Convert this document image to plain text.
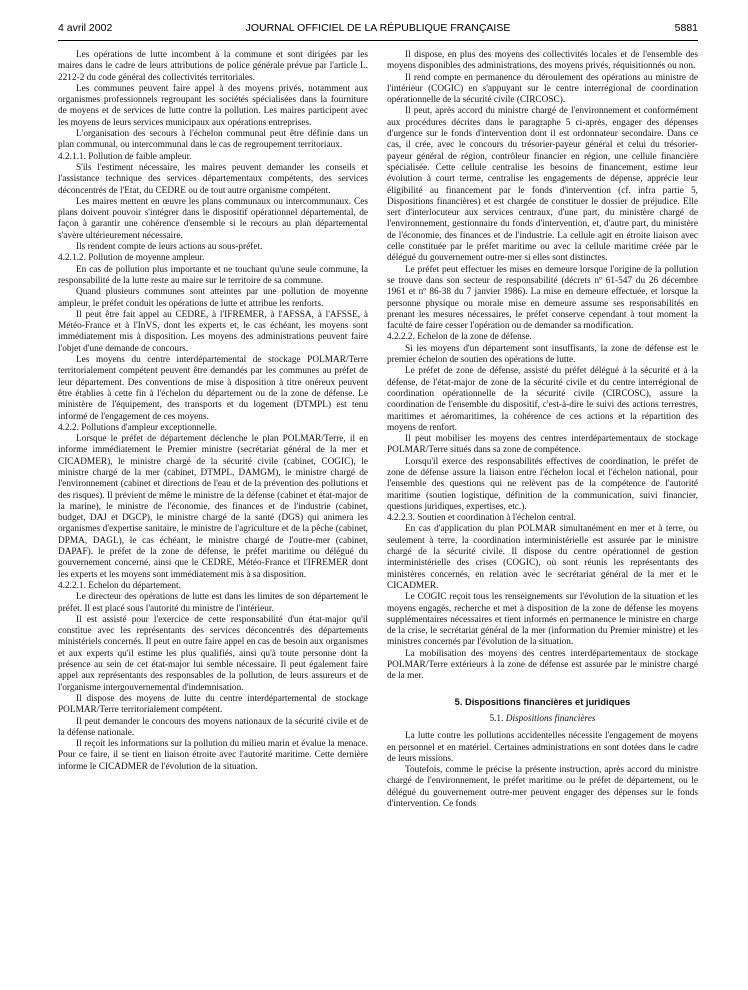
4 avril 2002	JOURNAL OFFICIEL DE LA RÉPUBLIQUE FRANÇAISE	5881

Les opérations de lutte incombent à la commune et sont dirigées par les maires dans le cadre de leurs attributions de police générale prévue par l'article L. 2212-2 du code général des collectivités territoriales.

Les communes peuvent faire appel à des moyens privés, notamment aux organismes professionnels regroupant les sociétés spécialisées dans la fourniture de moyens et de services de lutte contre la pollution. Les maires participent avec les moyens de leurs services municipaux aux opérations entreprises.

L'organisation des secours à l'échelon communal peut être définie dans un plan communal, ou intercommunal dans le cas de regroupement territoriaux.

4.2.1.1. Pollution de faible ampleur.

S'ils l'estiment nécessaire, les maires peuvent demander les conseils et l'assistance technique des services départementaux compétents, des services déconcentrés de l'Etat, du CEDRE ou de tout autre organisme compétent.

Les maires mettent en œuvre les plans communaux ou intercommunaux. Ces plans doivent pouvoir s'intégrer dans le dispositif opérationnel départemental, de façon à garantir une cohérence d'ensemble si le recours au plan départemental s'avère ultérieurement nécessaire.

Ils rendent compte de leurs actions au sous-préfet.

4.2.1.2. Pollution de moyenne ampleur.

En cas de pollution plus importante et ne touchant qu'une seule commune, la responsabilité de la lutte reste au maire sur le territoire de sa commune.

Quand plusieurs communes sont atteintes par une pollution de moyenne ampleur, le préfet conduit les opérations de lutte et attribue les renforts.

Il peut être fait appel au CEDRE, à l'IFREMER, à l'AFSSA, à l'AFSSE, à Météo-France et à l'InVS, dont les experts et, le cas échéant, les moyens sont immédiatement mis à disposition. Les moyens des administrations peuvent faire l'objet d'une demande de concours.

Les moyens du centre interdépartemental de stockage POLMAR/Terre territorialement compétent peuvent être demandés par les communes au préfet de leur département. Des conventions de mise à disposition à titre onéreux peuvent être établies à cette fin à l'échelon du département ou de la zone de défense. Le ministère de l'équipement, des transports et du logement (DTMPL) est tenu informé de l'engagement de ces moyens.

4.2.2. Pollutions d'ampleur exceptionnelle.

Lorsque le préfet de département déclenche le plan POLMAR/Terre, il en informe immédiatement le Premier ministre (secrétariat général de la mer et CICADMER), le ministre chargé de la sécurité civile (cabinet, COGIC), le ministre chargé de la mer (cabinet, DTMPL, DAMGM), le ministre chargé de l'environnement (cabinet et directions de l'eau et de la prévention des pollutions et des risques). Il prévient de même le ministre de la défense (cabinet et état-major de la marine), le ministre de l'économie, des finances et de l'industrie (cabinet, budget, DAJ et DGCP), le ministre chargé de la santé (DGS) qui animera les organismes d'expertise sanitaire, le ministre de l'agriculture et de la pêche (cabinet, DPMA, DAGL), le cas échéant, le ministre chargé de l'outre-mer (cabinet, DAPAF). le préfet de la zone de défense, le préfet maritime ou délégué du gouvernement concerné, ainsi que le CEDRE, Météo-France et l'IFREMER dont les experts et les moyens sont immédiatement mis à sa disposition.

4.2.2.1. Echelon du département.

Le directeur des opérations de lutte est dans les limites de son département le préfet. Il est placé sous l'autorité du ministre de l'intérieur.

Il est assisté pour l'exercice de cette responsabilité d'un état-major qu'il constitue avec les représentants des services déconcentrés des départements ministériels concernés. Il peut en outre faire appel en cas de besoin aux organismes et aux experts qu'il estime les plus qualifiés, ainsi qu'à toute personne dont la présence au sein de cet état-major lui semble nécessaire. Il peut également faire appel aux représentants des responsables de la pollution, de leurs assureurs et de l'organisme intergouvernemental d'indemnisation.

Il dispose des moyens de lutte du centre interdépartemental de stockage POLMAR/Terre territorialement compétent.

Il peut demander le concours des moyens nationaux de la sécurité civile et de la défense nationale.

Il reçoit les informations sur la pollution du milieu marin et évalue la menace. Pour ce faire, il se tient en liaison étroite avec l'autorité maritime. Cette dernière informe le CICADMER de l'évolution de la situation.

Il dispose, en plus des moyens des collectivités locales et de l'ensemble des moyens disponibles des administrations, des moyens privés, réquisitionnés ou non.

Il rend compte en permanence du déroulement des opérations au ministre de l'intérieur (COGIC) en s'appuyant sur le centre interrégional de coordination opérationnelle de la sécurité civile (CIRCOSC).

Il peut, après accord du ministre chargé de l'environnement et conformément aux procédures décrites dans le paragraphe 5 ci-après, engager des dépenses d'urgence sur le fonds d'intervention dont il est ordonnateur secondaire. Dans ce cas, il crée, avec le concours du trésorier-payeur général et celui du trésorier-payeur général de région, contrôleur financier en région, une cellule financière spécialisée. Cette cellule centralise les besoins de financement, estime leur évolution à court terme, centralise les engagements de dépense, apprécie leur éligibilité au financement par le fonds d'intervention (cf. infra partie 5, Dispositions financières) et est chargée de constituer le dossier de préjudice. Elle sert d'interlocuteur aux services centraux, d'une part, du ministère chargé de l'environnement, gestionnaire du fonds d'intervention, et, d'autre part, du ministère de l'économie, des finances et de l'industrie. La cellule agit en étroite liaison avec celle constituée par le préfet maritime ou avec la cellule maritime créée par le délégué du gouvernement outre-mer si elles sont distinctes.

Le préfet peut effectuer les mises en demeure lorsque l'origine de la pollution se trouve dans son secteur de responsabilité (décrets nº 61-547 du 26 décembre 1961 et nº 86-38 du 7 janvier 1986). La mise en demeure effectuée, et lorsque la personne physique ou morale mise en demeure assume ses responsabilités en prenant les mesures nécessaires, le préfet conserve cependant à tout moment la faculté de faire cesser l'opération ou de demander sa modification.

4.2.2.2. Echelon de la zone de défense.

Si les moyens d'un département sont insuffisants, la zone de défense est le premier échelon de soutien des opérations de lutte.

Le préfet de zone de défense, assisté du préfet délégué à la sécurité et à la défense, de l'état-major de zone de la sécurité civile et du centre interrégional de coordination opérationnelle de la sécurité civile (CIRCOSC), assure la coordination de l'ensemble du dispositif, c'est-à-dire le suivi des actions terrestres, maritimes et aéromaritimes, la cohérence de ces actions et la répartition des moyens de renfort.

Il peut mobiliser les moyens des centres interdépartementaux de stockage POLMAR/Terre situés dans sa zone de compétence.

Lorsqu'il exerce des responsabilités effectives de coordination, le préfet de zone de défense assure la liaison entre l'échelon local et l'échelon national, pour l'ensemble des questions qui ne relèvent pas de la compétence de l'autorité maritime (soutien logistique, définition de la communication, suivi financier, questions juridiques, expertises, etc.).

4.2.2.3. Soutien et coordination à l'échelon central.

En cas d'application du plan POLMAR simultanément en mer et à terre, ou seulement à terre, la coordination interministérielle est assurée par le ministre chargé de la sécurité civile. Il dispose du centre opérationnel de gestion interministérielle des crises (COGIC), où sont réunis les représentants des ministères concernés, en relation avec le secrétariat général de la mer et le CICADMER.

Le COGIC reçoit tous les renseignements sur l'évolution de la situation et les moyens engagés, recherche et met à disposition de la zone de défense les moyens supplémentaires nécessaires et tient informés en permanence le ministre en charge de la crise, le secrétariat général de la mer (information du Premier ministre) et les ministres concernés par l'évolution de la situation.

La mobilisation des moyens des centres interdépartementaux de stockage POLMAR/Terre extérieurs à la zone de défense est assurée par le ministre chargé de la mer.

5. Dispositions financières et juridiques
5.1. Dispositions financières

La lutte contre les pollutions accidentelles nécessite l'engagement de moyens en personnel et en matériel. Certaines administrations en sont dotées dans le cadre de leurs missions.

Toutefois, comme le précise la présente instruction, après accord du ministre chargé de l'environnement, le préfet maritime ou le préfet de département, ou le délégué du gouvernement outre-mer peuvent engager des dépenses sur le fonds d'intervention. Ce fonds
